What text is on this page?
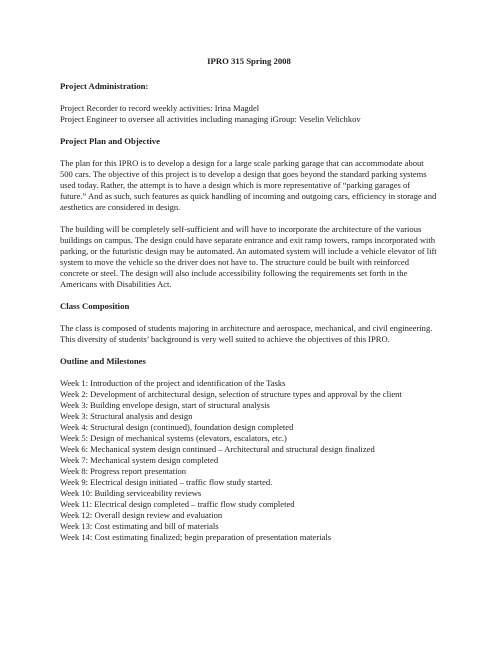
IPRO 315 Spring 2008
Project Administration:
Project Recorder to record weekly activities: Irina Magdel
Project Engineer to oversee all activities including managing iGroup: Veselin Velichkov
Project Plan and Objective

The plan for this IPRO is to develop a design for a large scale parking garage that can accommodate about 500 cars. The objective of this project is to develop a design that goes beyond the standard parking systems used today. Rather, the attempt is to have a design which is more representative of “parking garages of future.” And as such, such features as quick handling of incoming and outgoing cars, efficiency in storage and aesthetics are considered in design.

The building will be completely self-sufficient and will have to incorporate the architecture of the various buildings on campus. The design could have separate entrance and exit ramp towers, ramps incorporated with parking, or the futuristic design may be automated. An automated system will include a vehicle elevator of lift system to move the vehicle so the driver does not have to. The structure could be built with reinforced concrete or steel. The design will also include accessibility following the requirements set forth in the Americans with Disabilities Act.

Class Composition

The class is composed of students majoring in architecture and aerospace, mechanical, and civil engineering. This diversity of students’ background is very well suited to achieve the objectives of this IPRO.

Outline and Milestones
Week 1: Introduction of the project and identification of the Tasks
Week 2: Development of architectural design, selection of structure types and approval by the client
Week 3: Building envelope design, start of structural analysis
Week 3: Structural analysis and design
Week 4: Structural design (continued), foundation design completed
Week 5: Design of mechanical systems (elevators, escalators, etc.)
Week 6: Mechanical system design continued – Architectural and structural design finalized
Week 7: Mechanical system design completed
Week 8: Progress report presentation
Week 9: Electrical design initiated – traffic flow study started.
Week 10: Building serviceability reviews
Week 11: Electrical design completed – traffic flow study completed
Week 12: Overall design review and evaluation
Week 13: Cost estimating and bill of materials
Week 14: Cost estimating finalized; begin preparation of presentation materials
